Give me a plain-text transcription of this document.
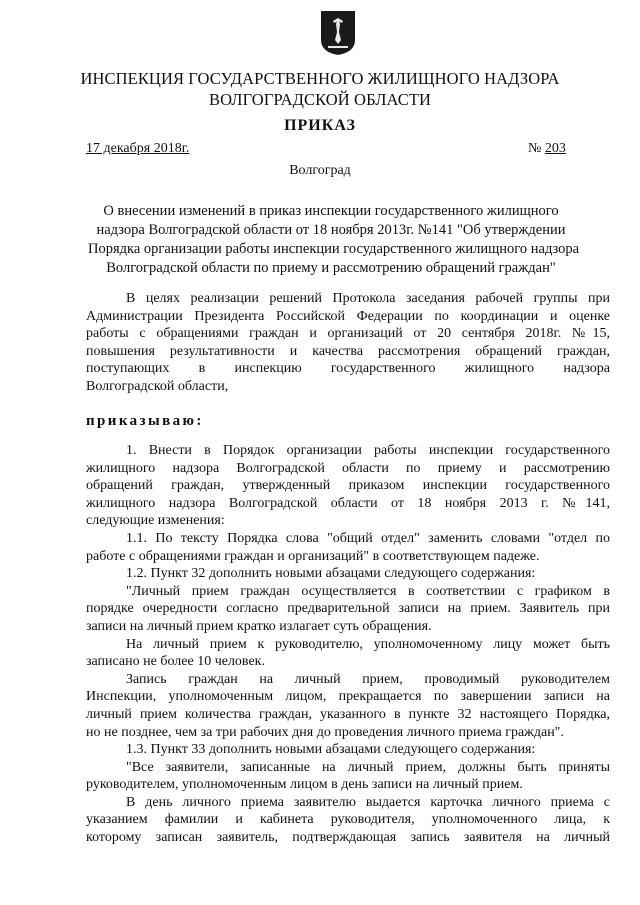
ИНСПЕКЦИЯ ГОСУДАРСТВЕННОГО ЖИЛИЩНОГО НАДЗОРА
ВОЛГОГРАДСКОЙ ОБЛАСТИ
ПРИКАЗ
17 декабря 2018г.	№ 203
Волгоград
О внесении изменений в приказ инспекции государственного жилищного
надзора Волгоградской области от 18 ноября 2013г. №141 "Об утверждении
Порядка организации работы инспекции государственного жилищного надзора
Волгоградской области по приему и рассмотрению обращений граждан"
В целях реализации решений Протокола заседания рабочей группы при
Администрации Президента Российской Федерации по координации и оценке
работы с обращениями граждан и организаций от 20 сентября 2018г. №15,
повышения результативности и качества рассмотрения обращений граждан,
поступающих в инспекцию государственного жилищного надзора
Волгоградской области,
приказываю:
1. Внести в Порядок организации работы инспекции государственного
жилищного надзора Волгоградской области по приему и рассмотрению
обращений граждан, утвержденный приказом инспекции государственного
жилищного надзора Волгоградской области от 18 ноября 2013 г. №141,
следующие изменения:
1.1. По тексту Порядка слова "общий отдел" заменить словами "отдел по
работе с обращениями граждан и организаций" в соответствующем падеже.
1.2. Пункт 32 дополнить новыми абзацами следующего содержания:
"Личный прием граждан осуществляется в соответствии с графиком в
порядке очередности согласно предварительной записи на прием. Заявитель при
записи на личный прием кратко излагает суть обращения.
На личный прием к руководителю, уполномоченному лицу может быть
записано не более 10 человек.
Запись граждан на личный прием, проводимый руководителем
Инспекции, уполномоченным лицом, прекращается по завершении записи на
личный прием количества граждан, указанного в пункте 32 настоящего Порядка,
но не позднее, чем за три рабочих дня до проведения личного приема граждан".
1.3. Пункт 33 дополнить новыми абзацами следующего содержания:
"Все заявители, записанные на личный прием, должны быть приняты
руководителем, уполномоченным лицом в день записи на личный прием.
В день личного приема заявителю выдается карточка личного приема с
указанием фамилии и кабинета руководителя, уполномоченного лица, к
которому записан заявитель, подтверждающая запись заявителя на личный
